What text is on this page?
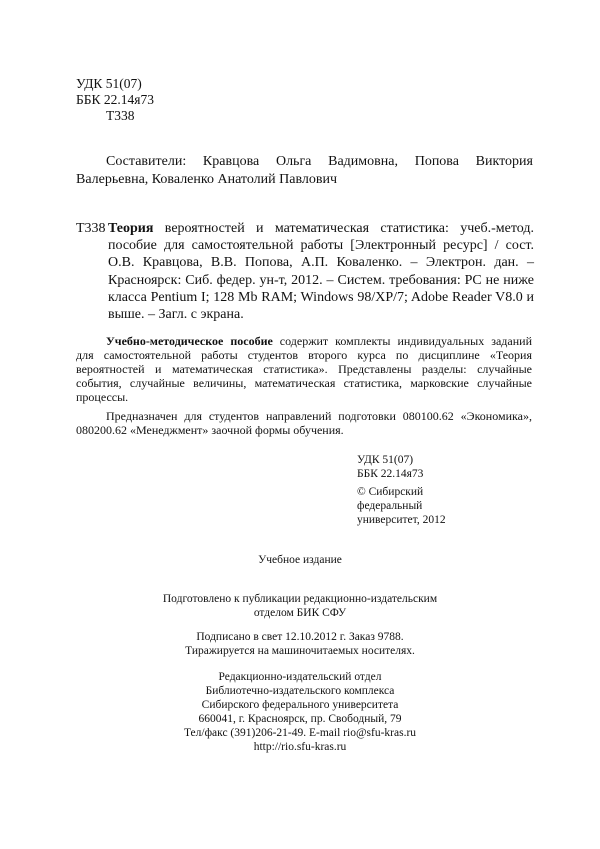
УДК 51(07)
ББК 22.14я73
Т338
Составители: Кравцова Ольга Вадимовна, Попова Виктория Валерьевна, Коваленко Анатолий Павлович
Т338 Теория вероятностей и математическая статистика: учеб.-метод. пособие для самостоятельной работы [Электронный ресурс] / сост. О.В. Кравцова, В.В. Попова, А.П. Коваленко. – Электрон. дан. – Красноярск: Сиб. федер. ун-т, 2012. – Систем. требования: PC не ниже класса Pentium I; 128 Mb RAM; Windows 98/XP/7; Adobe Reader V8.0 и выше. – Загл. с экрана.

Учебно-методическое пособие содержит комплекты индивидуальных заданий для самостоятельной работы студентов второго курса по дисциплине «Теория вероятностей и математическая статистика». Представлены разделы: случайные события, случайные величины, математическая статистика, марковские случайные процессы.

Предназначен для студентов направлений подготовки 080100.62 «Экономика», 080200.62 «Менеджмент» заочной формы обучения.

УДК 51(07)
ББК 22.14я73
© Сибирский
федеральный
университет, 2012
Учебное издание
Подготовлено к публикации редакционно-издательским
отделом БИК СФУ
Подписано в свет 12.10.2012 г. Заказ 9788.
Тиражируется на машиночитаемых носителях.
Редакционно-издательский отдел
Библиотечно-издательского комплекса
Сибирского федерального университета
660041, г. Красноярск, пр. Свободный, 79
Тел/факс (391)206-21-49. E-mail rio@sfu-kras.ru
http://rio.sfu-kras.ru
